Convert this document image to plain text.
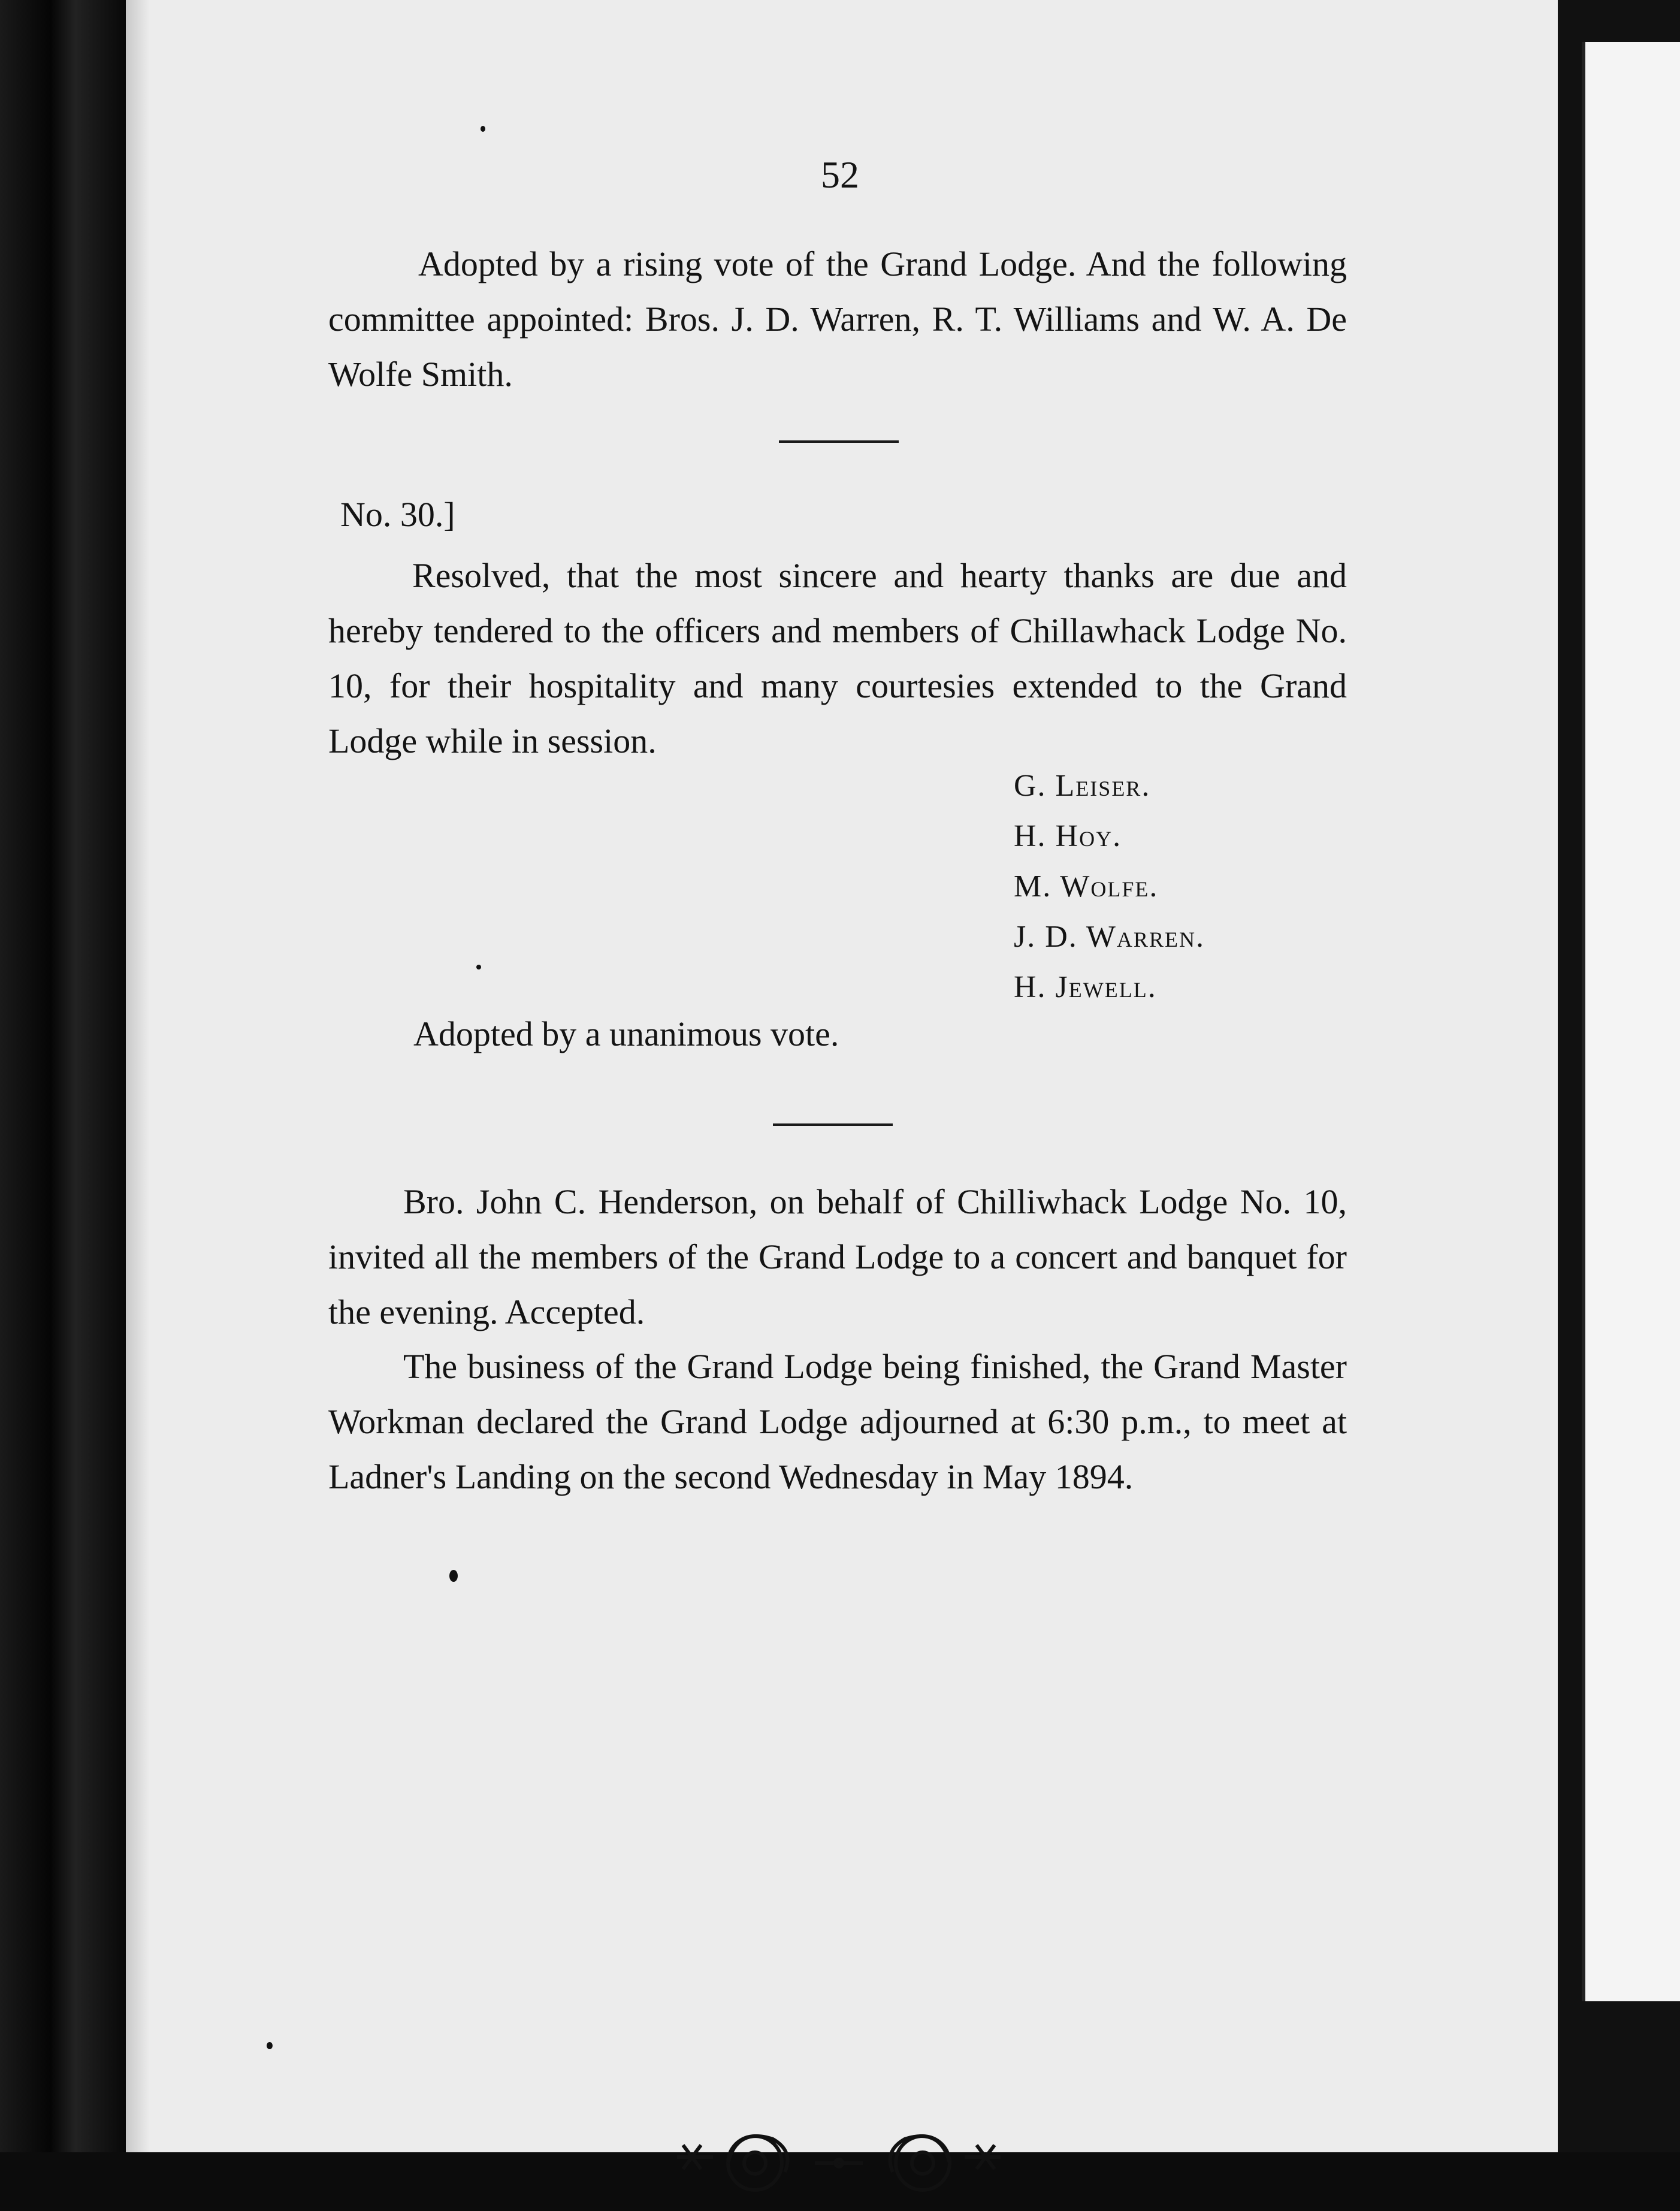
52
Adopted by a rising vote of the Grand Lodge. And the following committee appointed: Bros. J. D. Warren, R. T. Williams and W. A. De Wolfe Smith.
No. 30.]
Resolved, that the most sincere and hearty thanks are due and hereby tendered to the officers and members of Chillawhack Lodge No. 10, for their hospitality and many courtesies extended to the Grand Lodge while in session.
G. Leiser.
H. Hoy.
M. Wolfe.
J. D. Warren.
H. Jewell.
Adopted by a unanimous vote.
Bro. John C. Henderson, on behalf of Chilliwhack Lodge No. 10, invited all the members of the Grand Lodge to a concert and banquet for the evening. Accepted.
The business of the Grand Lodge being finished, the Grand Master Workman declared the Grand Lodge adjourned at 6:30 p.m., to meet at Ladner's Landing on the second Wednesday in May 1894.
